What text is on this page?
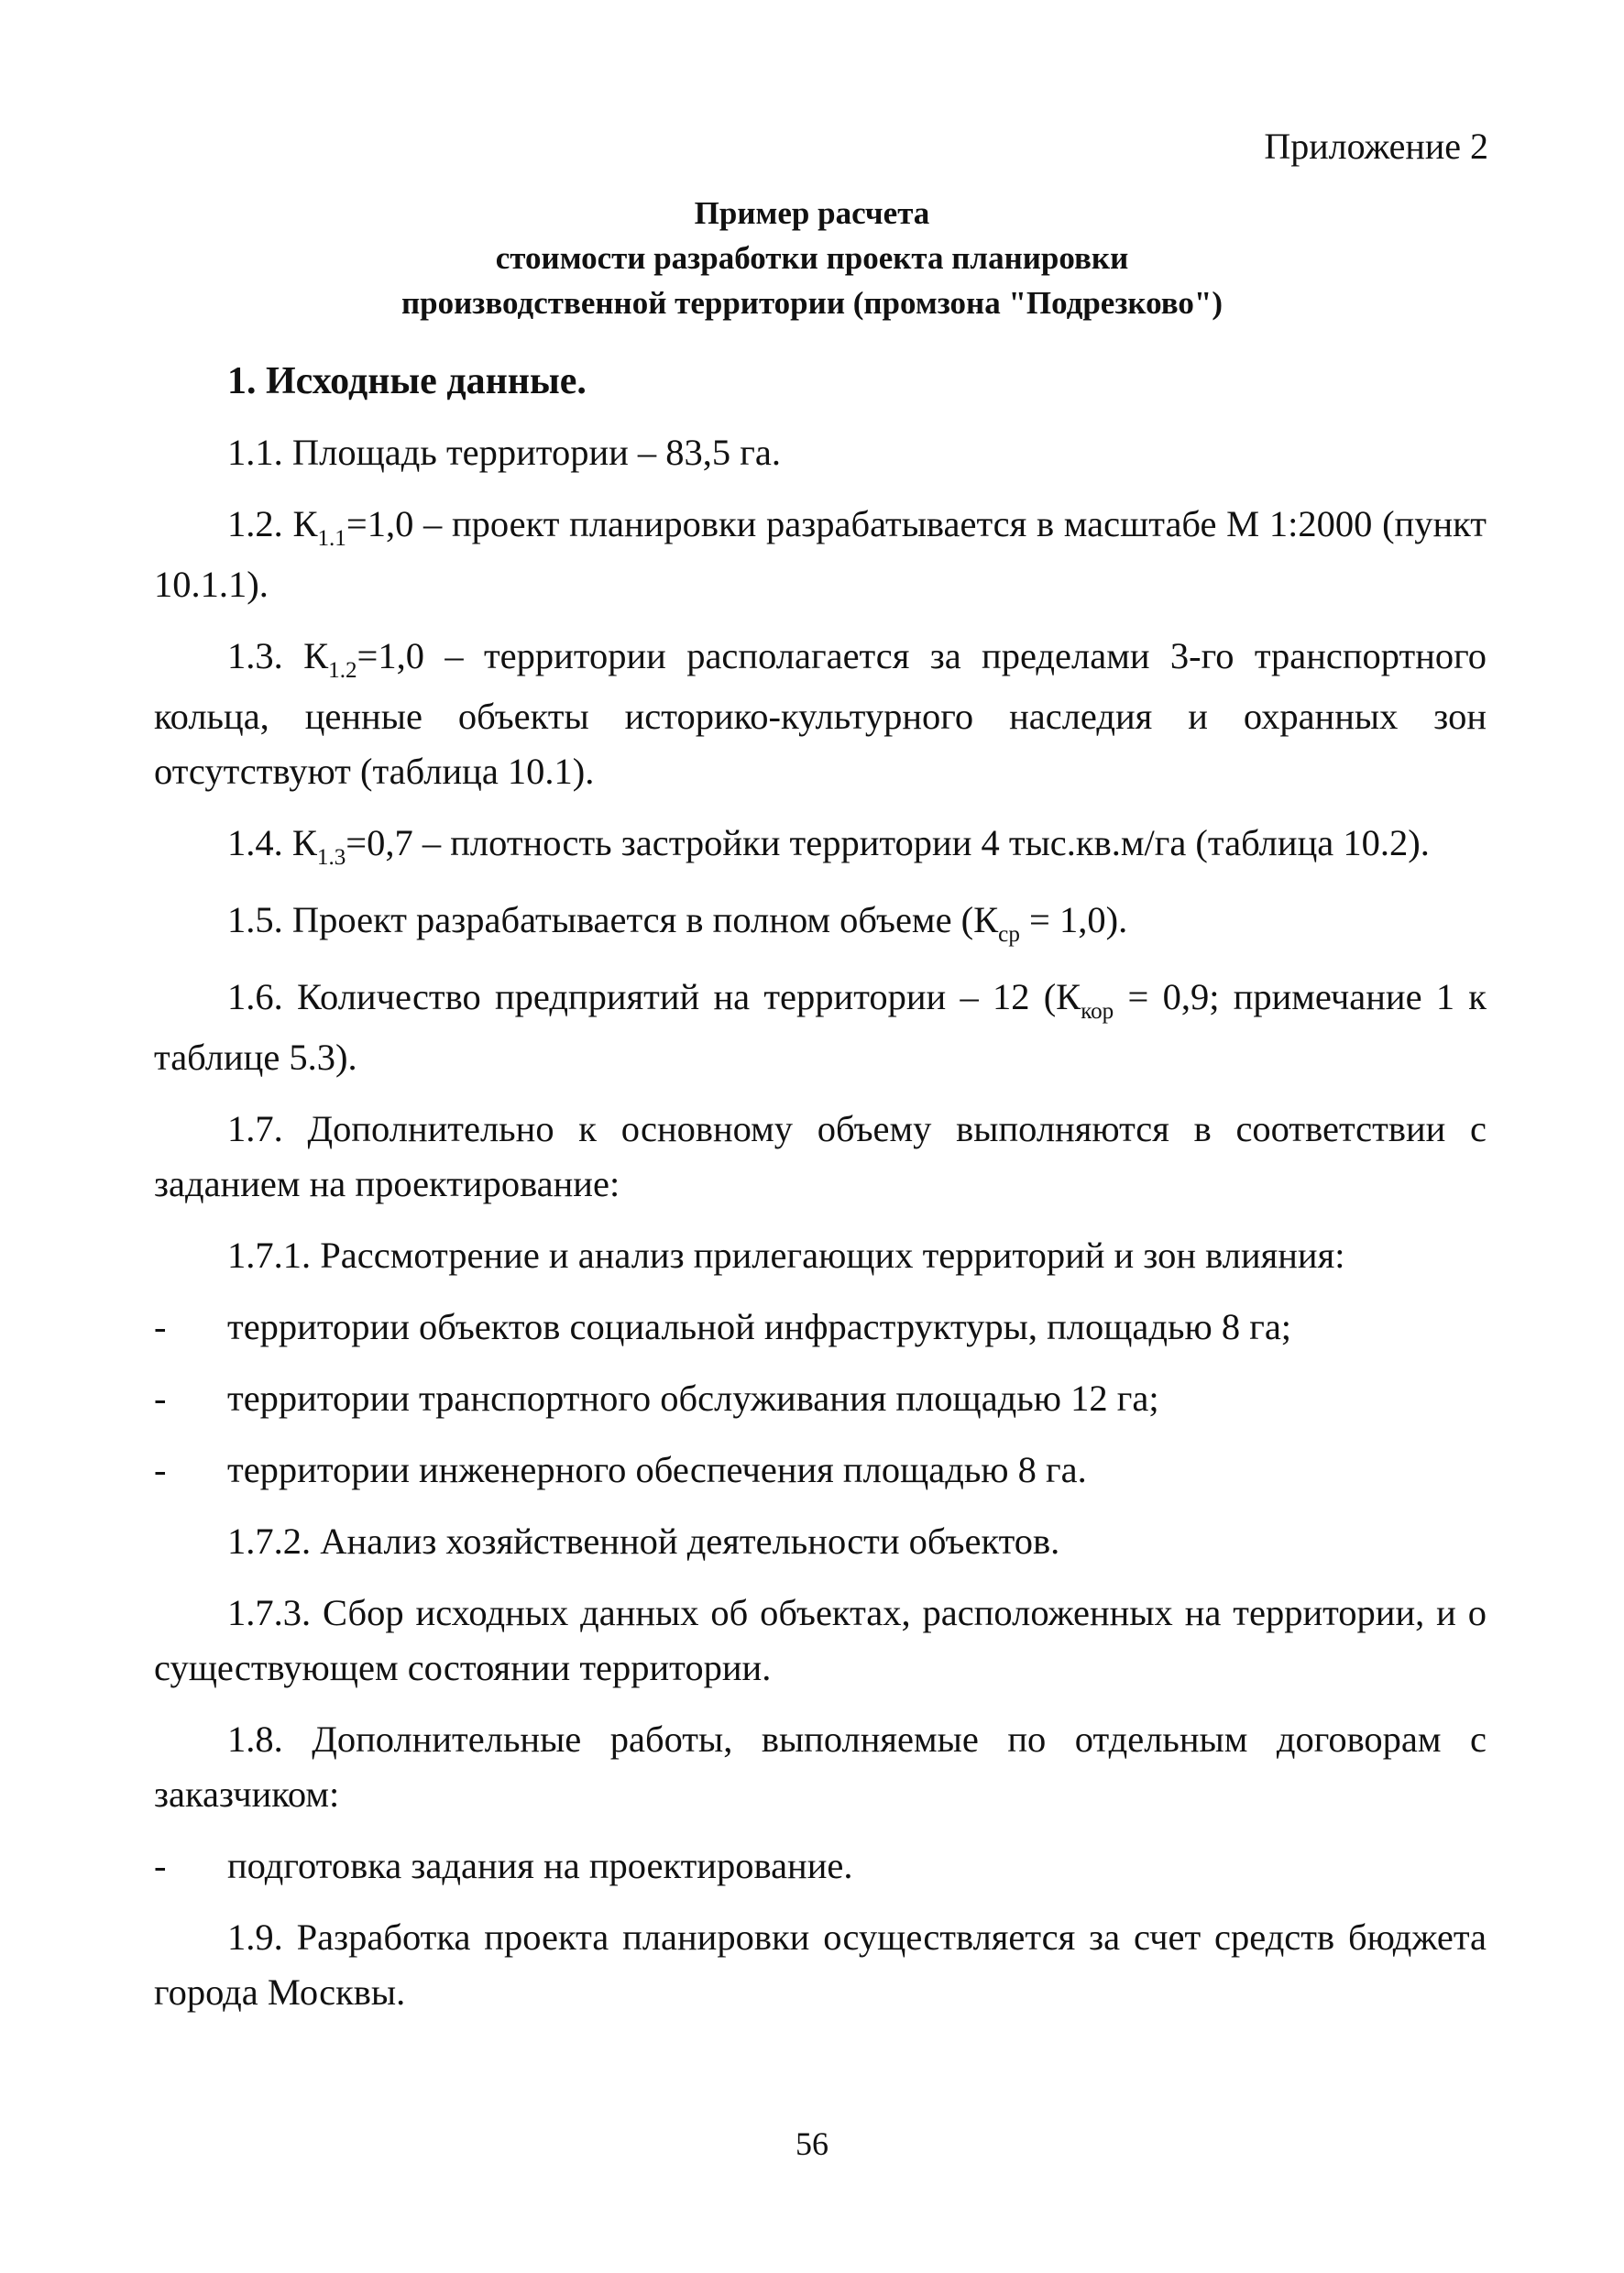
Приложение 2
Пример расчета
стоимости разработки проекта планировки
производственной территории (промзона "Подрезково")
1. Исходные данные.

1.1. Площадь территории – 83,5 га.

1.2. $К_{1.1}=1,0$ – проект планировки разрабатывается в масштабе М 1:2000 (пункт 10.1.1).

1.3. $К_{1.2}=1,0$ – территории располагается за пределами 3-го транспортного кольца, ценные объекты историко-культурного наследия и охранных зон отсутствуют (таблица 10.1).

1.4. $К_{1.3}=0,7$ – плотность застройки территории 4 тыс.кв.м/га (таблица 10.2).

1.5. Проект разрабатывается в полном объеме $(К_{ср} = 1,0)$.

1.6. Количество предприятий на территории – 12 ($К_{кор} = 0,9$; примечание 1 к таблице 5.3).

1.7. Дополнительно к основному объему выполняются в соответствии с заданием на проектирование:

1.7.1. Рассмотрение и анализ прилегающих территорий и зон влияния:

- территории объектов социальной инфраструктуры, площадью 8 га;
- территории транспортного обслуживания площадью 12 га;
- территории инженерного обеспечения площадью 8 га.

1.7.2. Анализ хозяйственной деятельности объектов.

1.7.3. Сбор исходных данных об объектах, расположенных на территории, и о существующем состоянии территории.

1.8. Дополнительные работы, выполняемые по отдельным договорам с заказчиком:

- подготовка задания на проектирование.

1.9. Разработка проекта планировки осуществляется за счет средств бюджета города Москвы.

56
